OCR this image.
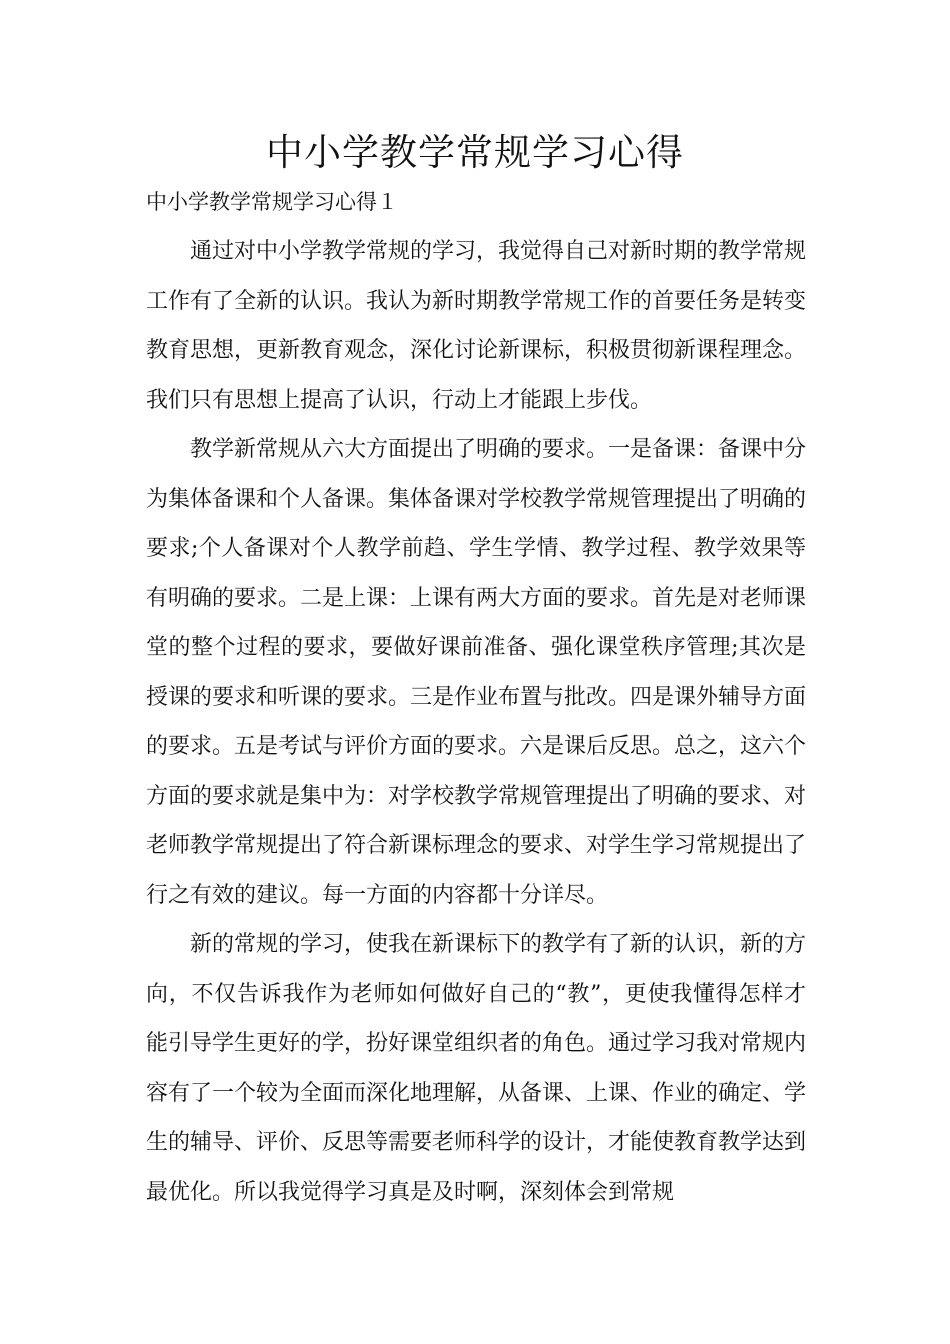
中小学教学常规学习心得
中小学教学常规学习心得１

通过对中小学教学常规的学习，我觉得自己对新时期的教学常规工作有了全新的认识。我认为新时期教学常规工作的首要任务是转变教育思想，更新教育观念，深化讨论新课标，积极贯彻新课程理念。我们只有思想上提高了认识，行动上才能跟上步伐。

教学新常规从六大方面提出了明确的要求。一是备课：备课中分为集体备课和个人备课。集体备课对学校教学常规管理提出了明确的要求;个人备课对个人教学前趋、学生学情、教学过程、教学效果等有明确的要求。二是上课：上课有两大方面的要求。首先是对老师课堂的整个过程的要求，要做好课前准备、强化课堂秩序管理;其次是授课的要求和听课的要求。三是作业布置与批改。四是课外辅导方面的要求。五是考试与评价方面的要求。六是课后反思。总之，这六个方面的要求就是集中为：对学校教学常规管理提出了明确的要求、对老师教学常规提出了符合新课标理念的要求、对学生学习常规提出了行之有效的建议。每一方面的内容都十分详尽。

新的常规的学习，使我在新课标下的教学有了新的认识，新的方向，不仅告诉我作为老师如何做好自己的“教”，更使我懂得怎样才能引导学生更好的学，扮好课堂组织者的角色。通过学习我对常规内容有了一个较为全面而深化地理解，从备课、上课、作业的确定、学生的辅导、评价、反思等需要老师科学的设计，才能使教育教学达到最优化。所以我觉得学习真是及时啊，深刻体会到常规
